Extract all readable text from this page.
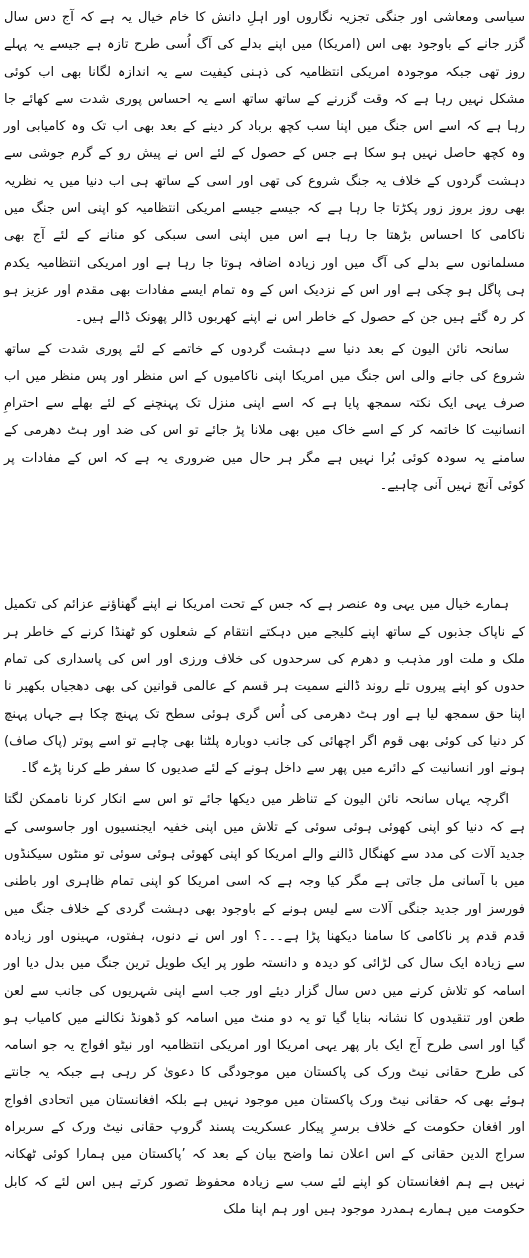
سیاسی ومعاشی اور جنگی تجزیہ نگاروں اور اہلِ دانش کا خام خیال یہ ہے کہ آج دس سال گزر جانے کے باوجود بھی اس (امریکا) میں اپنے بدلے کی آگ اُسی طرح تازہ ہے جیسے یہ پہلے روز تھی جبکہ موجودہ امریکی انتظامیہ کی ذہنی کیفیت سے یہ اندازہ لگانا بھی اب کوئی مشکل نہیں رہا ہے کہ وقت گزرنے کے ساتھ ساتھ اسے یہ احساس پوری شدت سے کھائے جا رہا ہے کہ اسے اس جنگ میں اپنا سب کچھ برباد کر دینے کے بعد بھی اب تک وہ کامیابی اور وہ کچھ حاصل نہیں ہو سکا ہے جس کے حصول کے لئے اس نے پیش رو کے گرم جوشی سے دہشت گردوں کے خلاف یہ جنگ شروع کی تھی اور اسی کے ساتھ ہی اب دنیا میں یہ نظریہ بھی روز بروز زور پکڑتا جا رہا ہے کہ جیسے جیسے امریکی انتظامیہ کو اپنی اس جنگ میں ناکامی کا احساس بڑھتا جا رہا ہے اس میں اپنی اسی سبکی کو منانے کے لئے آج بھی مسلمانوں سے بدلے کی آگ میں اور زیادہ اضافہ ہوتا جا رہا ہے اور امریکی انتظامیہ یکدم ہی پاگل ہو چکی ہے اور اس کے نزدیک اس کے وہ تمام ایسے مفادات بھی مقدم اور عزیز ہو کر رہ گئے ہیں جن کے حصول کے خاطر اس نے اپنے کھربوں ڈالر پھونک ڈالے ہیں۔

سانحہ نائن الیون کے بعد دنیا سے دہشت گردوں کے خاتمے کے لئے پوری شدت کے ساتھ شروع کی جانے والی اس جنگ میں امریکا اپنی ناکامیوں کے اس منظر اور پس منظر میں اب صرف یہی ایک نکتہ سمجھ پایا ہے کہ اسے اپنی منزل تک پہنچنے کے لئے بھلے سے احترامِ انسانیت کا خاتمہ کر کے اسے خاک میں بھی ملانا پڑ جائے تو اس کی ضد اور ہٹ دھرمی کے سامنے یہ سودہ کوئی بُرا نہیں ہے مگر ہر حال میں ضروری یہ ہے کہ اس کے مفادات پر کوئی آنچ نہیں آنی چاہیے۔

ہمارے خیال میں یہی وہ عنصر ہے کہ جس کے تحت امریکا نے اپنے گھناؤنے عزائم کی تکمیل کے ناپاک جذبوں کے ساتھ اپنے کلیجے میں دہکتے انتقام کے شعلوں کو ٹھنڈا کرنے کے خاطر ہر ملک و ملت اور مذہب و دھرم کی سرحدوں کی خلاف ورزی اور اس کی پاسداری کی تمام حدوں کو اپنے پیروں تلے روند ڈالنے سمیت ہر قسم کے عالمی قوانین کی بھی دھجیاں بکھیر نا اپنا حق سمجھ لیا ہے اور ہٹ دھرمی کی اُس گری ہوئی سطح تک پہنچ چکا ہے جہاں پہنچ کر دنیا کی کوئی بھی قوم اگر اچھائی کی جانب دوبارہ پلٹنا بھی چاہے تو اسے پوتر (پاک صاف) ہونے اور انسانیت کے دائرے میں پھر سے داخل ہونے کے لئے صدیوں کا سفر طے کرنا پڑے گا۔

اگرچہ یہاں سانحہ نائن الیون کے تناظر میں دیکھا جائے تو اس سے انکار کرنا ناممکن لگتا ہے کہ دنیا کو اپنی کھوئی ہوئی سوئی کے تلاش میں اپنی خفیہ ایجنسیوں اور جاسوسی کے جدید آلات کی مدد سے کھنگال ڈالنے والے امریکا کو اپنی کھوئی ہوئی سوئی تو منٹوں سیکنڈوں میں با آسانی مل جاتی ہے مگر کیا وجہ ہے کہ اسی امریکا کو اپنی تمام ظاہری اور باطنی فورسز اور جدید جنگی آلات سے لیس ہونے کے باوجود بھی دہشت گردی کے خلاف جنگ میں قدم قدم پر ناکامی کا سامنا دیکھنا پڑا ہے۔۔۔؟ اور اس نے دنوں، ہفتوں، مہینوں اور زیادہ سے زیادہ ایک سال کی لڑائی کو دیدہ و دانستہ طور پر ایک طویل ترین جنگ میں بدل دیا اور اسامہ کو تلاش کرنے میں دس سال گزار دیئے اور جب اسے اپنی شہریوں کی جانب سے لعن طعن اور تنقیدوں کا نشانہ بنایا گیا تو یہ دو منٹ میں اسامہ کو ڈھونڈ نکالنے میں کامیاب ہو گیا اور اسی طرح آج ایک بار پھر یہی امریکا اور امریکی انتظامیہ اور نیٹو افواج یہ جو اسامہ کی طرح حقانی نیٹ ورک کی پاکستان میں موجودگی کا دعویٰ کر رہی ہے جبکہ یہ جانتے ہوئے بھی کہ حقانی نیٹ ورک پاکستان میں موجود نہیں ہے بلکہ افغانستان میں اتحادی افواج اور افغان حکومت کے خلاف برسرِ پیکار عسکریت پسند گروپ حقانی نیٹ ورک کے سربراہ سراج الدین حقانی کے اس اعلان نما واضح بیان کے بعد کہ ’پاکستان میں ہمارا کوئی ٹھکانہ نہیں ہے ہم افغانستان کو اپنے لئے سب سے زیادہ محفوظ تصور کرتے ہیں اس لئے کہ کابل حکومت میں ہمارے ہمدرد موجود ہیں اور ہم اپنا ملک
